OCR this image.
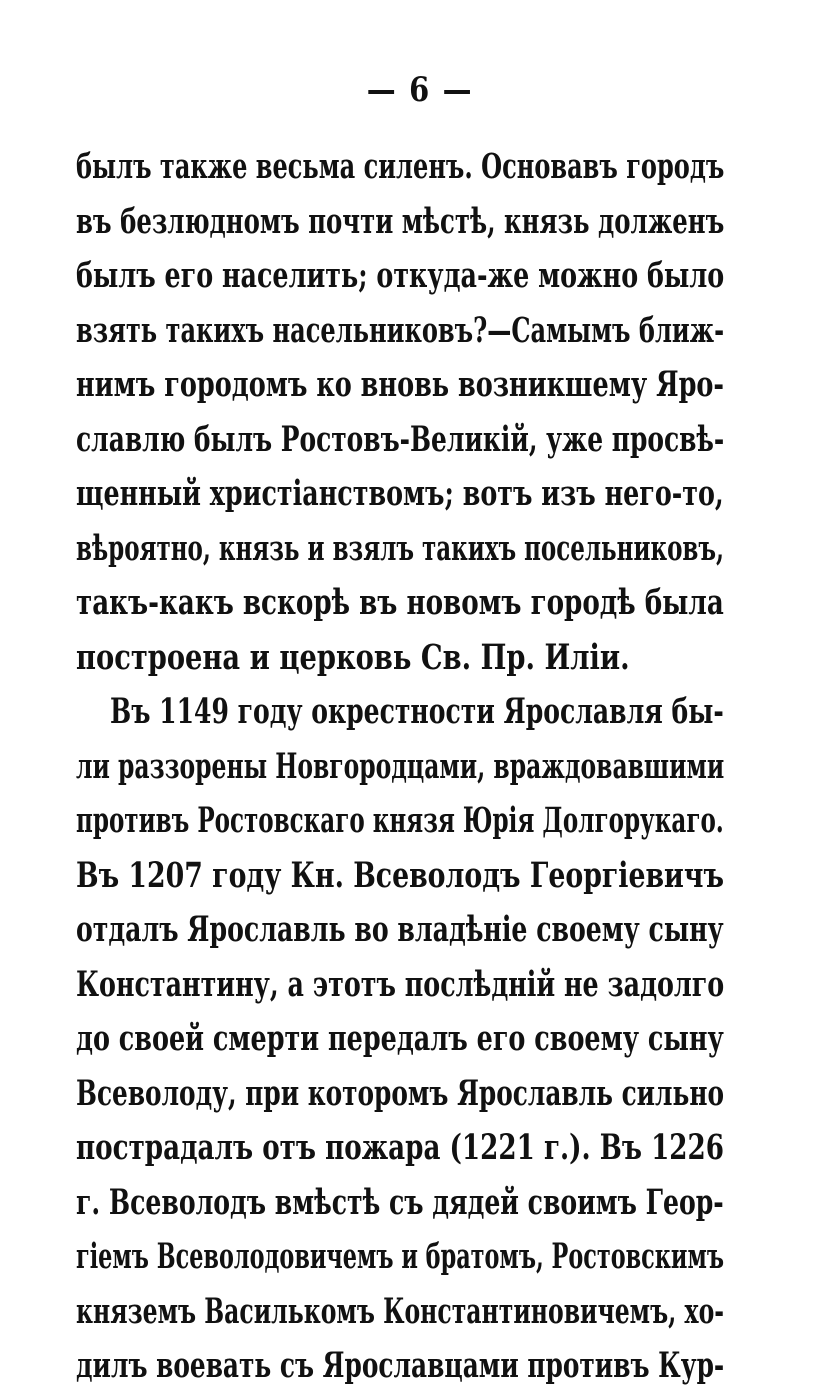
— 6 —
былъ также весьма силенъ. Основавъ городъ
въ безлюдномъ почти мѣстѣ, князь долженъ
былъ его населить; откуда-же можно было
взять такихъ насельниковъ?—Самымъ ближ-
нимъ городомъ ко вновь возникшему Яро-
славлю былъ Ростовъ-Великій, уже просвѣ-
щенный христіанствомъ; вотъ изъ него-то,
вѣроятно, князь и взялъ такихъ посельниковъ,
такъ-какъ вскорѣ въ новомъ городѣ была
построена и церковь Св. Пр. Иліи.
Въ 1149 году окрестности Ярославля бы-
ли раззорены Новгородцами, враждовавшими
противъ Ростовскаго князя Юрія Долгорукаго.
Въ 1207 году Кн. Всеволодъ Георгіевичъ
отдалъ Ярославль во владѣніе своему сыну
Константину, а этотъ послѣдній не задолго
до своей смерти передалъ его своему сыну
Всеволоду, при которомъ Ярославль сильно
пострадалъ отъ пожара (1221 г.). Въ 1226
г. Всеволодъ вмѣстѣ съ дядей своимъ Геор-
гіемъ Всеволодовичемъ и братомъ, Ростовскимъ
княземъ Василькомъ Константиновичемъ, хо-
дилъ воевать съ Ярославцами противъ Кур-
